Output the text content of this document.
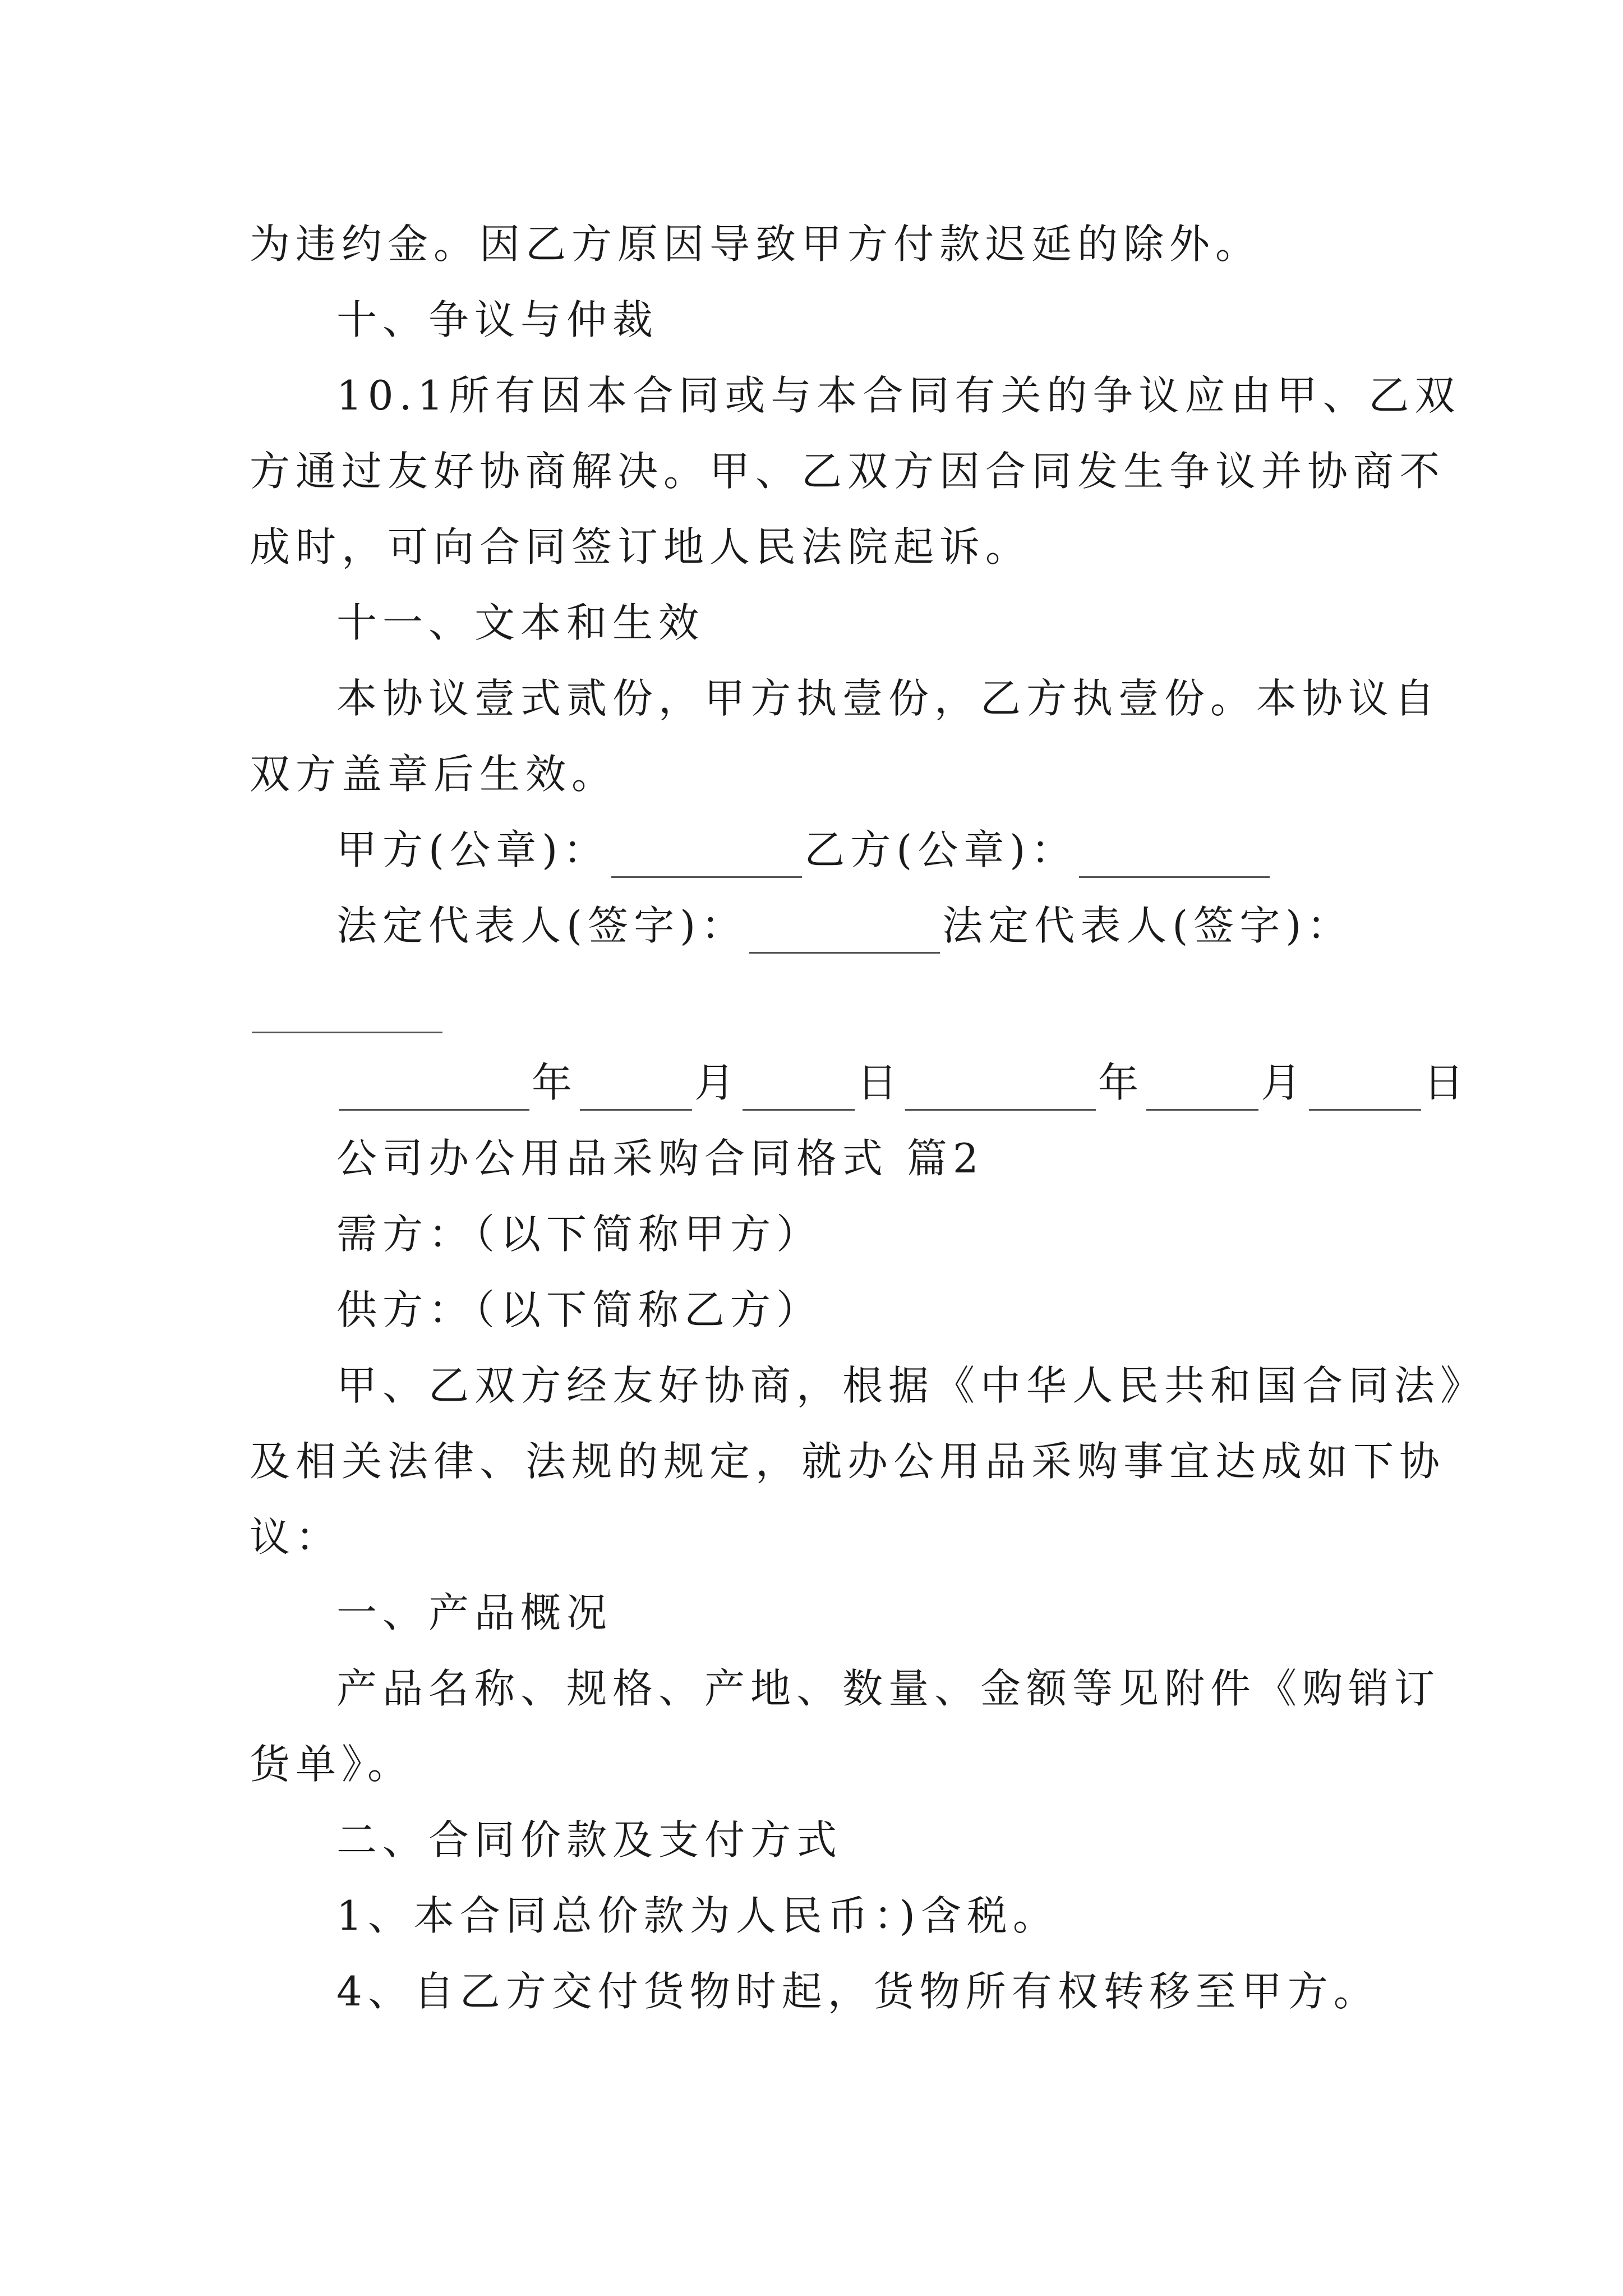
为违约金。因乙方原因导致甲方付款迟延的除外。
十、争议与仲裁
10.1所有因本合同或与本合同有关的争议应由甲、乙双
方通过友好协商解决。甲、乙双方因合同发生争议并协商不
成时，可向合同签订地人民法院起诉。
十一、文本和生效
本协议壹式贰份，甲方执壹份，乙方执壹份。本协议自
双方盖章后生效。
甲方(公章)：	乙方(公章)：
法定代表人(签字)：	法定代表人(签字)：
年	月	日	年	月	日
公司办公用品采购合同格式 篇2
需方：（以下简称甲方）
供方：（以下简称乙方）
甲、乙双方经友好协商，根据《中华人民共和国合同法》
及相关法律、法规的规定，就办公用品采购事宜达成如下协
议：
一、产品概况
产品名称、规格、产地、数量、金额等见附件《购销订
货单》。
二、合同价款及支付方式
1、本合同总价款为人民币：)含税。
4、自乙方交付货物时起，货物所有权转移至甲方。
